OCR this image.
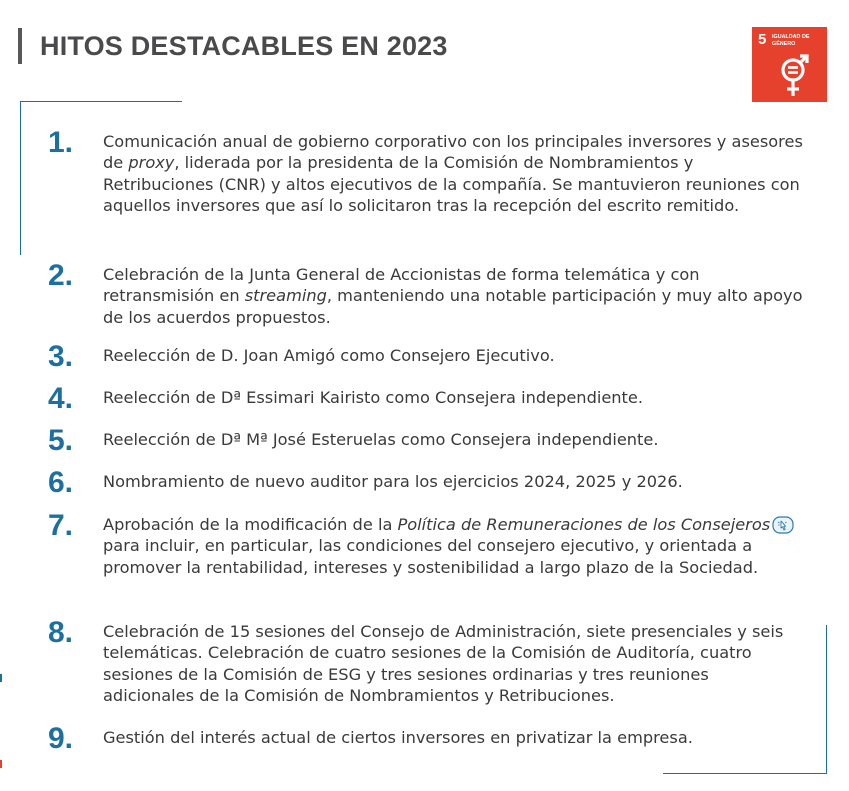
HITOS DESTACABLES EN 2023	5 IGUALDAD DE GÉNERO
1.	Comunicación anual de gobierno corporativo con los principales inversores y asesores de proxy, liderada por la presidenta de la Comisión de Nombramientos y Retribuciones (CNR) y altos ejecutivos de la compañía. Se mantuvieron reuniones con aquellos inversores que así lo solicitaron tras la recepción del escrito remitido.
2.	Celebración de la Junta General de Accionistas de forma telemática y con retransmisión en streaming, manteniendo una notable participación y muy alto apoyo de los acuerdos propuestos.
3.	Reelección de D. Joan Amigó como Consejero Ejecutivo.
4.	Reelección de Dª Essimari Kairisto como Consejera independiente.
5.	Reelección de Dª Mª José Esteruelas como Consejera independiente.
6.	Nombramiento de nuevo auditor para los ejercicios 2024, 2025 y 2026.
7.	Aprobación de la modificación de la Política de Remuneraciones de los Consejeros para incluir, en particular, las condiciones del consejero ejecutivo, y orientada a promover la rentabilidad, intereses y sostenibilidad a largo plazo de la Sociedad.
8.	Celebración de 15 sesiones del Consejo de Administración, siete presenciales y seis telemáticas. Celebración de cuatro sesiones de la Comisión de Auditoría, cuatro sesiones de la Comisión de ESG y tres sesiones ordinarias y tres reuniones adicionales de la Comisión de Nombramientos y Retribuciones.
9.	Gestión del interés actual de ciertos inversores en privatizar la empresa.
